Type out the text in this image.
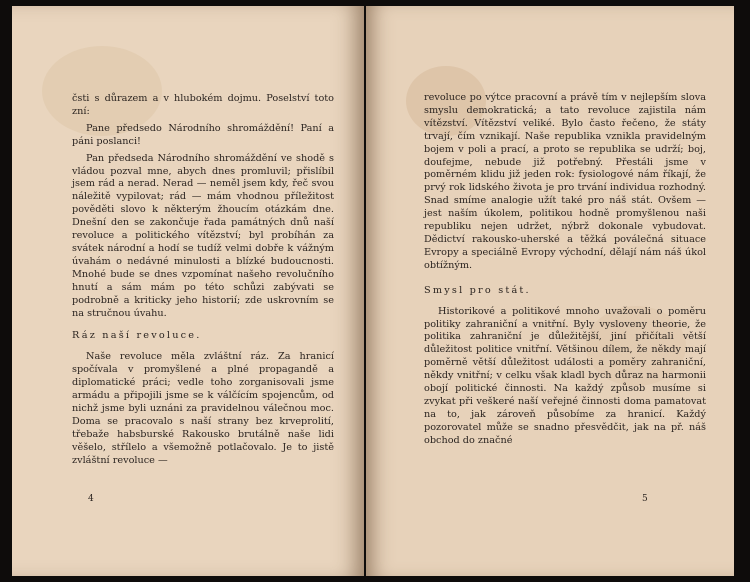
čsti s důrazem a v hlubokém dojmu. Poselství toto zní:

Pane předsedo Národního shromáždění! Paní a páni poslanci!

Pan předseda Národního shromáždění ve shodě s vládou pozval mne, abych dnes promluvil; přislíbil jsem rád a nerad. Nerad — neměl jsem kdy, řeč svou náležitě vypilovat; rád — mám vhodnou příležitost pověděti slovo k některým žhoucím otázkám dne. Dnešní den se zakončuje řada památných dnů naší revoluce a politického vítězství; byl probíhán za svátek národní a hodí se tudíž velmi dobře k vážným úvahám o nedávné minulosti a blízké budoucnosti. Mnohé bude se dnes vzpomínat našeho revolučního hnutí a sám mám po této schůzi zabývati se podrobně a kriticky jeho historií; zde uskrovním se na stručnou úvahu.

Ráz naší revoluce.

Naše revoluce měla zvláštní ráz. Za hranicí spočívala v promyšlené a plné propagandě a diplomatické práci; vedle toho zorganisovali jsme armádu a připojili jsme se k válčícím spojencům, od nichž jsme byli uznáni za pravidelnou válečnou moc. Doma se pracovalo s naší strany bez krveprolití, třebaže habsburské Rakousko brutálně naše lidi věšelo, střílelo a všemožně potlačovalo. Je to jistě zvláštní revoluce —

4

revoluce po výtce pracovní a právě tím v nejlepším slova smyslu demokratická; a tato revoluce zajistila nám vítězství. Vítězství veliké. Bylo často řečeno, že státy trvají, čím vznikají. Naše republika vznikla pravidelným bojem v poli a prací, a proto se republika se udrží; boj, doufejme, nebude již potřebný. Přestáli jsme v poměrném klidu již jeden rok: fysiologové nám říkají, že prvý rok lidského života je pro trvání individua rozhodný. Snad smíme analogie užít také pro náš stát. Ovšem — jest naším úkolem, politikou hodně promyšlenou naši republiku nejen udržet, nýbrž dokonale vybudovat. Dědictví rakousko-uherské a těžká poválečná situace Evropy a speciálně Evropy východní, dělají nám náš úkol obtížným.

Smysl pro stát.

Historikové a politikové mnoho uvažovali o poměru politiky zahraniční a vnitřní. Byly vysloveny theorie, že politika zahraniční je důležitější, jiní přičítali větší důležitost politice vnitřní. Většinou dílem, že někdy mají poměrně větší důležitost události a poměry zahraniční, někdy vnitřní; v celku však kladl bych důraz na harmonii obojí politické činnosti. Na každý způsob musíme si zvykat při veškeré naší veřejné činnosti doma pamatovat na to, jak zároveň působíme za hranicí. Každý pozorovatel může se snadno přesvědčit, jak na př. náš obchod do značné

5
